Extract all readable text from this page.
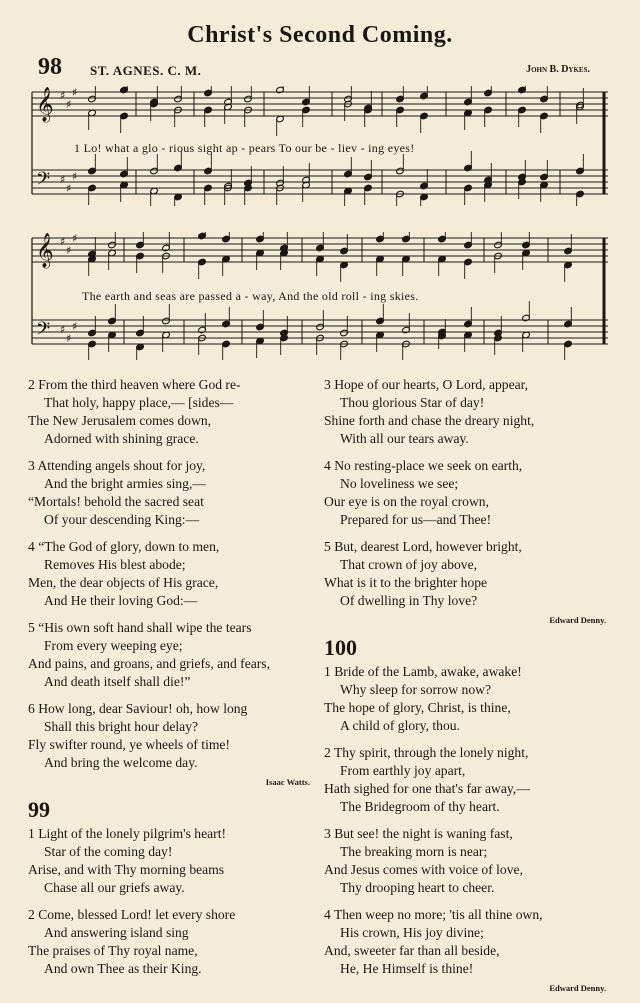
Christ's Second Coming.
98 ST. AGNES. C. M.	John B. Dykes.
𝄞
𝄢
♯
♯
♯
♯
♯
♯
1 Lo! what a glo - rious sight ap - pears To our be - liev - ing eyes!
𝄞
𝄢
♯
♯
♯
♯
♯
♯
The earth and seas are passed a - way, And the old roll - ing skies.
2 From the third heaven where God re-
That holy, happy place,— [sides—
The New Jerusalem comes down,
Adorned with shining grace.
3 Attending angels shout for joy,
And the bright armies sing,—
“Mortals! behold the sacred seat
Of your descending King:—
4 “The God of glory, down to men,
Removes His blest abode;
Men, the dear objects of His grace,
And He their loving God:—
5 “His own soft hand shall wipe the tears
From every weeping eye;
And pains, and groans, and griefs, and fears,
And death itself shall die!”
6 How long, dear Saviour! oh, how long
Shall this bright hour delay?
Fly swifter round, ye wheels of time!
And bring the welcome day.
Isaac Watts.
99
1 Light of the lonely pilgrim's heart!
Star of the coming day!
Arise, and with Thy morning beams
Chase all our griefs away.
2 Come, blessed Lord! let every shore
And answering island sing
The praises of Thy royal name,
And own Thee as their King.
3 Hope of our hearts, O Lord, appear,
Thou glorious Star of day!
Shine forth and chase the dreary night,
With all our tears away.
4 No resting-place we seek on earth,
No loveliness we see;
Our eye is on the royal crown,
Prepared for us—and Thee!
5 But, dearest Lord, however bright,
That crown of joy above,
What is it to the brighter hope
Of dwelling in Thy love?
Edward Denny.
100
1 Bride of the Lamb, awake, awake!
Why sleep for sorrow now?
The hope of glory, Christ, is thine,
A child of glory, thou.
2 Thy spirit, through the lonely night,
From earthly joy apart,
Hath sighed for one that's far away,—
The Bridegroom of thy heart.
3 But see! the night is waning fast,
The breaking morn is near;
And Jesus comes with voice of love,
Thy drooping heart to cheer.
4 Then weep no more; 'tis all thine own,
His crown, His joy divine;
And, sweeter far than all beside,
He, He Himself is thine!
Edward Denny.
